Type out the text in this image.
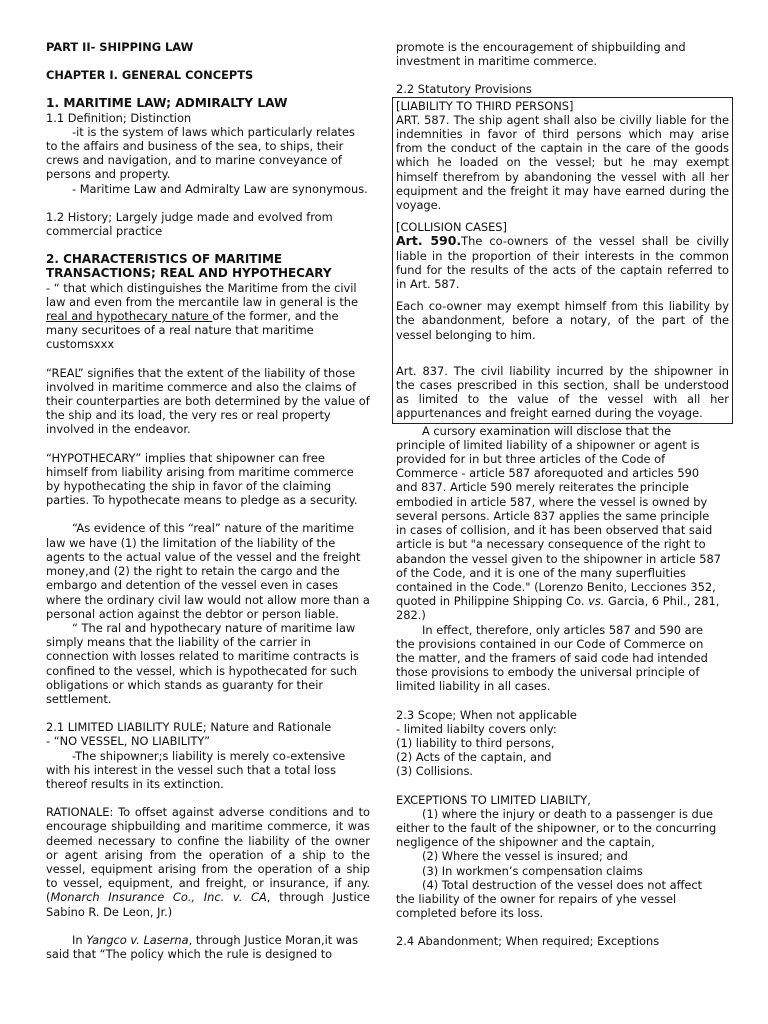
PART II- SHIPPING LAW

CHAPTER I. GENERAL CONCEPTS

1. MARITIME LAW; ADMIRALTY LAW

1.1 Definition; Distinction

-it is the system of laws which particularly relates to the affairs and business of the sea, to ships, their crews and navigation, and to marine conveyance of persons and property.

- Maritime Law and Admiralty Law are synonymous.

1.2 History; Largely judge made and evolved from commercial practice

2. CHARACTERISTICS OF MARITIME TRANSACTIONS; REAL AND HYPOTHECARY

- “ that which distinguishes the Maritime from the civil law and even from the mercantile law in general is the real and hypothecary nature of the former, and the many securitoes of a real nature that maritime customsxxx

“REAL” signifies that the extent of the liability of those involved in maritime commerce and also the claims of their counterparties are both determined by the value of the ship and its load, the very res or real property involved in the endeavor.

“HYPOTHECARY” implies that shipowner can free himself from liability arising from maritime commerce by hypothecating the ship in favor of the claiming parties. To hypothecate means to pledge as a security.

“As evidence of this “real” nature of the maritime law we have (1) the limitation of the liability of the agents to the actual value of the vessel and the freight money,and (2) the right to retain the cargo and the embargo and detention of the vessel even in cases where the ordinary civil law would not allow more than a personal action against the debtor or person liable.

“ The ral and hypothecary nature of maritime law simply means that the liability of the carrier in connection with losses related to maritime contracts is confined to the vessel, which is hypothecated for such obligations or which stands as guaranty for their settlement.

2.1 LIMITED LIABILITY RULE; Nature and Rationale

- “NO VESSEL, NO LIABILITY”

-The shipowner;s liability is merely co-extensive with his interest in the vessel such that a total loss thereof results in its extinction.

RATIONALE: To offset against adverse conditions and to encourage shipbuilding and maritime commerce, it was deemed necessary to confine the liability of the owner or agent arising from the operation of a ship to the vessel, equipment arising from the operation of a ship to vessel, equipment, and freight, or insurance, if any. (Monarch Insurance Co., Inc. v. CA, through Justice Sabino R. De Leon, Jr.)

In Yangco v. Laserna, through Justice Moran,it was said that “The policy which the rule is designed to

promote is the encouragement of shipbuilding and investment in maritime commerce.

2.2 Statutory Provisions

[LIABILITY TO THIRD PERSONS]

ART. 587. The ship agent shall also be civilly liable for the indemnities in favor of third persons which may arise from the conduct of the captain in the care of the goods which he loaded on the vessel; but he may exempt himself therefrom by abandoning the vessel with all her equipment and the freight it may have earned during the voyage.

[COLLISION CASES]

Art. 590.The co-owners of the vessel shall be civilly liable in the proportion of their interests in the common fund for the results of the acts of the captain referred to in Art. 587.

Each co-owner may exempt himself from this liability by the abandonment, before a notary, of the part of the vessel belonging to him.

Art. 837. The civil liability incurred by the shipowner in the cases prescribed in this section, shall be understood as limited to the value of the vessel with all her appurtenances and freight earned during the voyage.

A cursory examination will disclose that the principle of limited liability of a shipowner or agent is provided for in but three articles of the Code of Commerce - article 587 aforequoted and articles 590 and 837. Article 590 merely reiterates the principle embodied in article 587, where the vessel is owned by several persons. Article 837 applies the same principle in cases of collision, and it has been observed that said article is but "a necessary consequence of the right to abandon the vessel given to the shipowner in article 587 of the Code, and it is one of the many superfluities contained in the Code." (Lorenzo Benito, Lecciones 352, quoted in Philippine Shipping Co. vs. Garcia, 6 Phil., 281, 282.)

In effect, therefore, only articles 587 and 590 are the provisions contained in our Code of Commerce on the matter, and the framers of said code had intended those provisions to embody the universal principle of limited liability in all cases.

2.3 Scope; When not applicable

- limited liabilty covers only:

(1) liability to third persons,

(2) Acts of the captain, and

(3) Collisions.

EXCEPTIONS TO LIMITED LIABILTY,

(1) where the injury or death to a passenger is due either to the fault of the shipowner, or to the concurring negligence of the shipowner and the captain,

(2) Where the vessel is insured; and

(3) In workmen’s compensation claims

(4) Total destruction of the vessel does not affect the liability of the owner for repairs of yhe vessel completed before its loss.

2.4 Abandonment; When required; Exceptions
